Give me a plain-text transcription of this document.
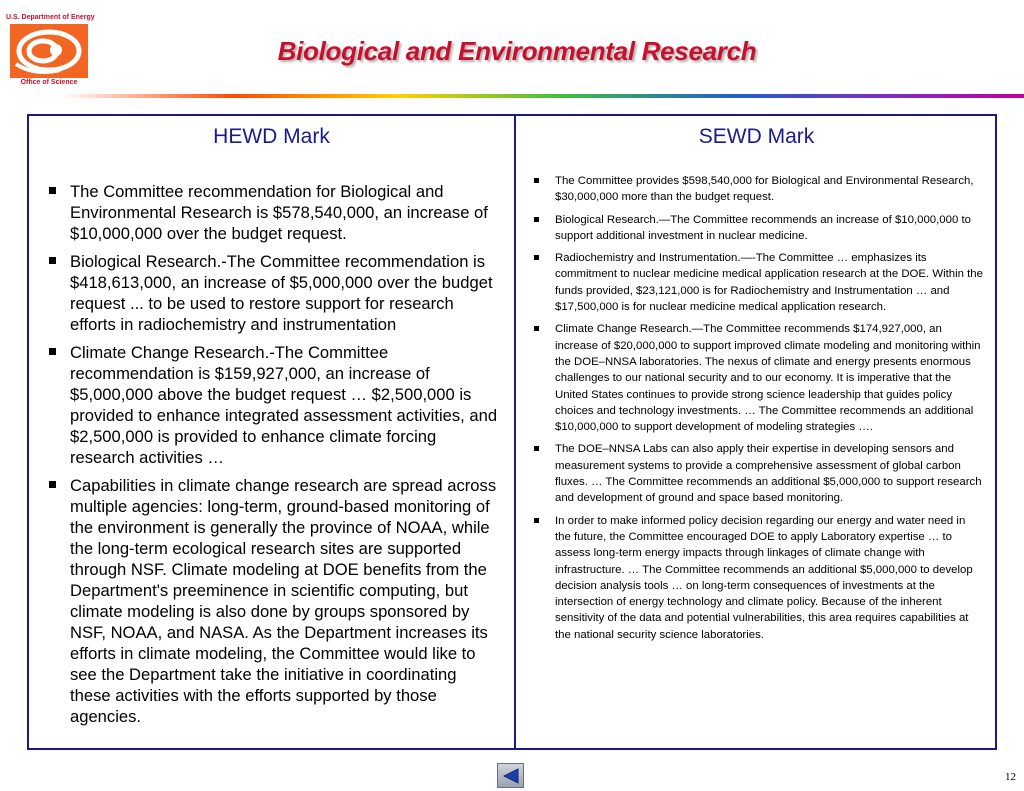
U.S. Department of Energy
Office of Science
Biological and Environmental Research
HEWD Mark
The Committee recommendation for Biological and Environmental Research is $578,540,000, an increase of $10,000,000 over the budget request.
Biological Research.-The Committee recommendation is $418,613,000, an increase of $5,000,000 over the budget request ... to be used to restore support for research efforts in radiochemistry and instrumentation
Climate Change Research.-The Committee recommendation is $159,927,000, an increase of $5,000,000 above the budget request … $2,500,000 is provided to enhance integrated assessment activities, and $2,500,000 is provided to enhance climate forcing research activities …
Capabilities in climate change research are spread across multiple agencies: long-term, ground-based monitoring of the environment is generally the province of NOAA, while the long-term ecological research sites are supported through NSF. Climate modeling at DOE benefits from the Department's preeminence in scientific computing, but climate modeling is also done by groups sponsored by NSF, NOAA, and NASA. As the Department increases its efforts in climate modeling, the Committee would like to see the Department take the initiative in coordinating these activities with the efforts supported by those agencies.
SEWD Mark
The Committee provides $598,540,000 for Biological and Environmental Research, $30,000,000 more than the budget request.
Biological Research.—The Committee recommends an increase of $10,000,000 to support additional investment in nuclear medicine.
Radiochemistry and Instrumentation.—-The Committee … emphasizes its commitment to nuclear medicine medical application research at the DOE. Within the funds provided, $23,121,000 is for Radiochemistry and Instrumentation … and $17,500,000 is for nuclear medicine medical application research.
Climate Change Research.—The Committee recommends $174,927,000, an increase of $20,000,000 to support improved climate modeling and monitoring within the DOE–NNSA laboratories. The nexus of climate and energy presents enormous challenges to our national security and to our economy. It is imperative that the United States continues to provide strong science leadership that guides policy choices and technology investments. … The Committee recommends an additional $10,000,000 to support development of modeling strategies ….
The DOE–NNSA Labs can also apply their expertise in developing sensors and measurement systems to provide a comprehensive assessment of global carbon fluxes. … The Committee recommends an additional $5,000,000 to support research and development of ground and space based monitoring.
In order to make informed policy decision regarding our energy and water need in the future, the Committee encouraged DOE to apply Laboratory expertise … to assess long-term energy impacts through linkages of climate change with infrastructure. … The Committee recommends an additional $5,000,000 to develop decision analysis tools … on long-term consequences of investments at the intersection of energy technology and climate policy. Because of the inherent sensitivity of the data and potential vulnerabilities, this area requires capabilities at the national security science laboratories.
12
